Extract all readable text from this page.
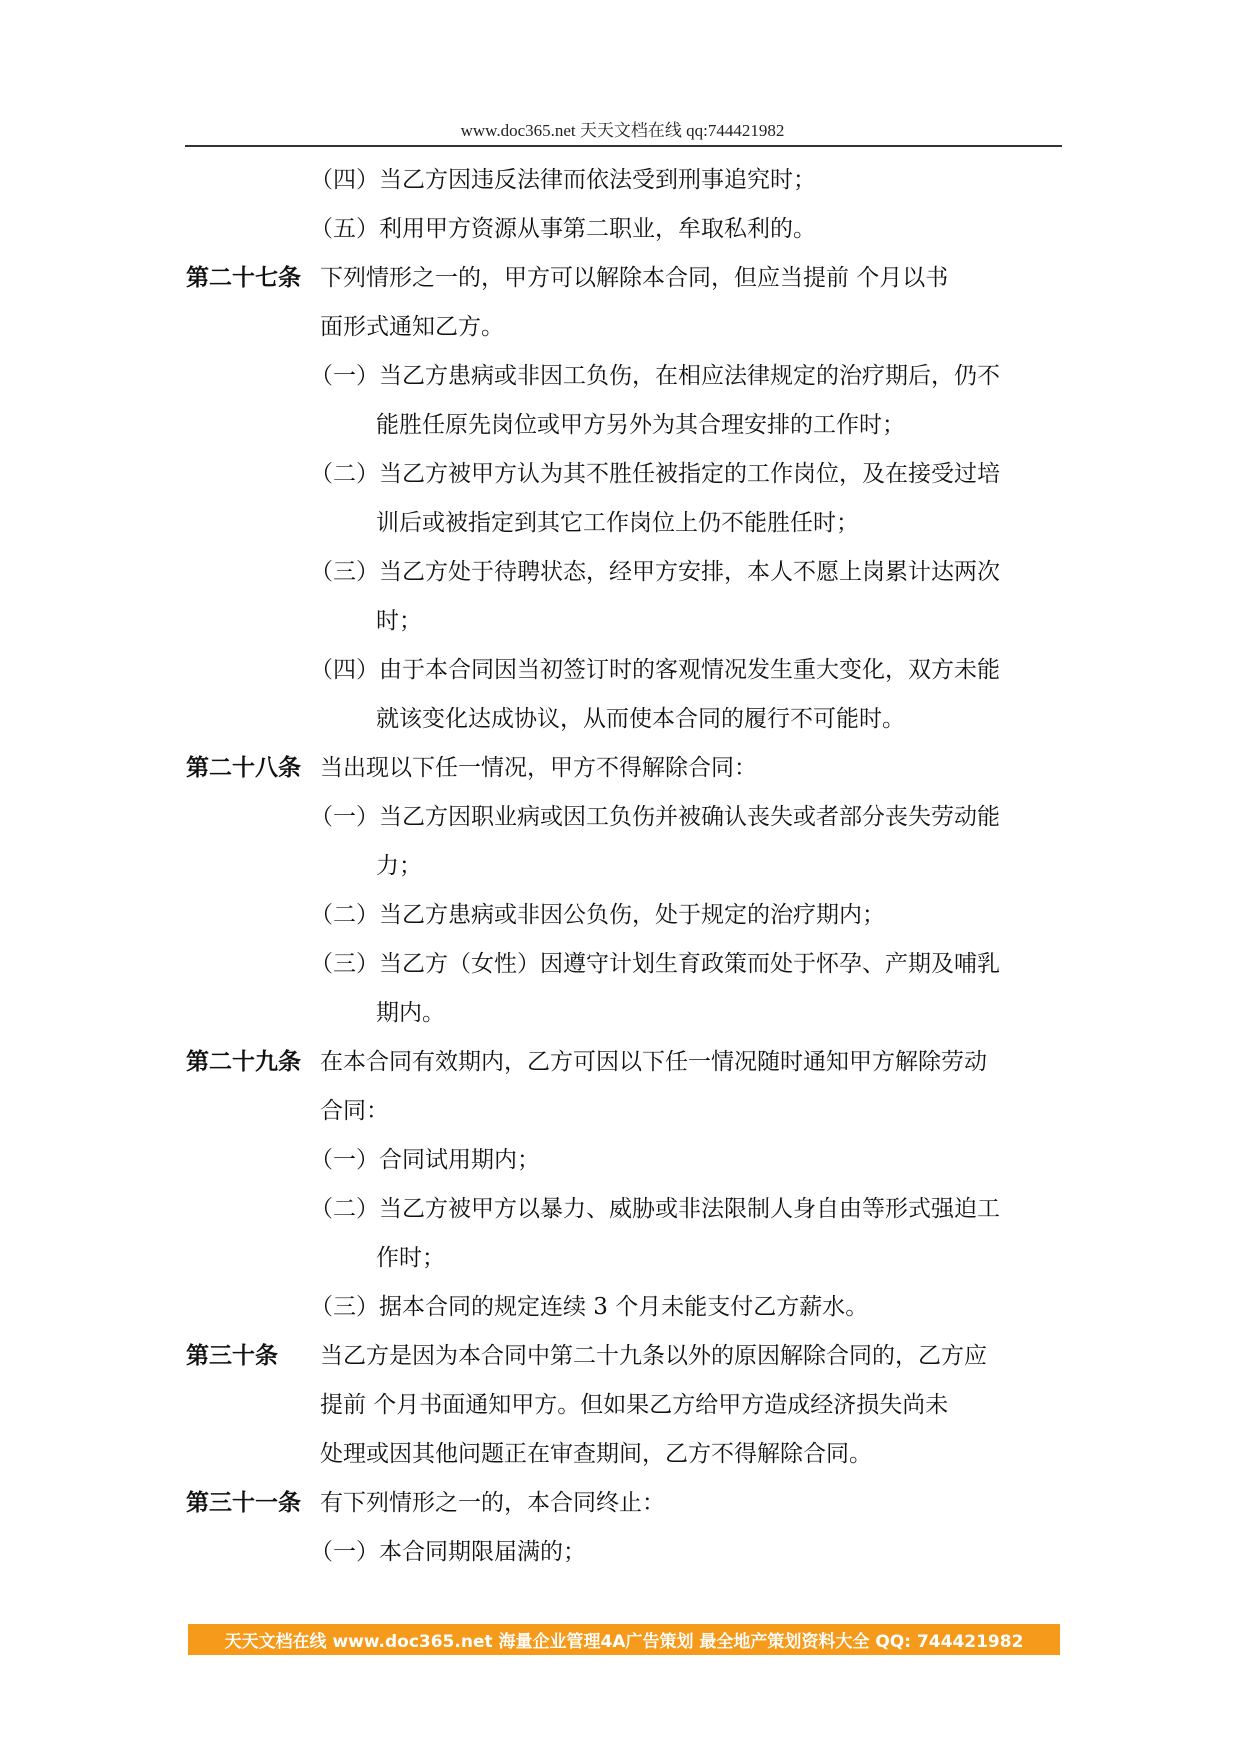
www.doc365.net 天天文档在线 qq:744421982
（四）当乙方因违反法律而依法受到刑事追究时；
（五）利用甲方资源从事第二职业，牟取私利的。
第二十七条 下列情形之一的，甲方可以解除本合同，但应当提前 个月以书
面形式通知乙方。
（一）当乙方患病或非因工负伤，在相应法律规定的治疗期后，仍不
能胜任原先岗位或甲方另外为其合理安排的工作时；
（二）当乙方被甲方认为其不胜任被指定的工作岗位，及在接受过培
训后或被指定到其它工作岗位上仍不能胜任时；
（三）当乙方处于待聘状态，经甲方安排，本人不愿上岗累计达两次
时；
（四）由于本合同因当初签订时的客观情况发生重大变化，双方未能
就该变化达成协议，从而使本合同的履行不可能时。
第二十八条 当出现以下任一情况，甲方不得解除合同：
（一）当乙方因职业病或因工负伤并被确认丧失或者部分丧失劳动能
力；
（二）当乙方患病或非因公负伤，处于规定的治疗期内；
（三）当乙方（女性）因遵守计划生育政策而处于怀孕、产期及哺乳
期内。
第二十九条 在本合同有效期内，乙方可因以下任一情况随时通知甲方解除劳动
合同：
（一）合同试用期内；
（二）当乙方被甲方以暴力、威胁或非法限制人身自由等形式强迫工
作时；
（三）据本合同的规定连续 3 个月未能支付乙方薪水。
第三十条 当乙方是因为本合同中第二十九条以外的原因解除合同的，乙方应
提前 个月书面通知甲方。但如果乙方给甲方造成经济损失尚未
处理或因其他问题正在审查期间，乙方不得解除合同。
第三十一条 有下列情形之一的，本合同终止：
（一）本合同期限届满的；
天天文档在线 www.doc365.net 海量企业管理4A广告策划 最全地产策划资料大全 QQ: 744421982
